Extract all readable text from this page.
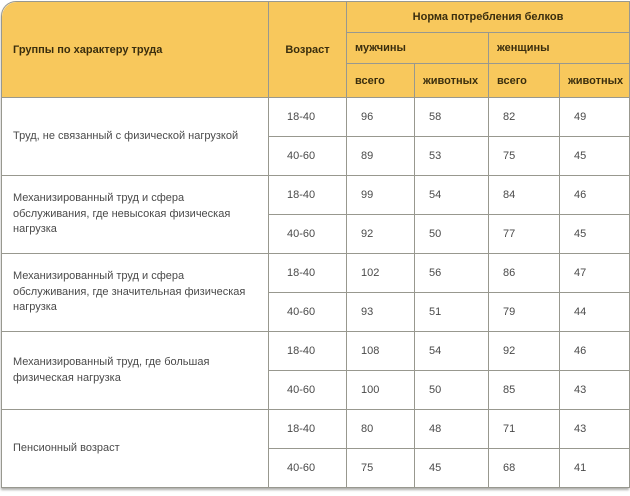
Группы по характеру труда	Возраст	Норма потребления белков			
		мужчины		женщины	
		всего	животных	всего	животных
Труд, не связанный с физической нагрузкой	18-40	96	58	82	49
	40-60	89	53	75	45
Механизированный труд и сфера обслуживания, где невысокая физическая нагрузка	18-40	99	54	84	46
	40-60	92	50	77	45
Механизированный труд и сфера обслуживания, где значительная физическая нагрузка	18-40	102	56	86	47
	40-60	93	51	79	44
Механизированный труд, где большая физическая нагрузка	18-40	108	54	92	46
	40-60	100	50	85	43
Пенсионный возраст	18-40	80	48	71	43
	40-60	75	45	68	41
